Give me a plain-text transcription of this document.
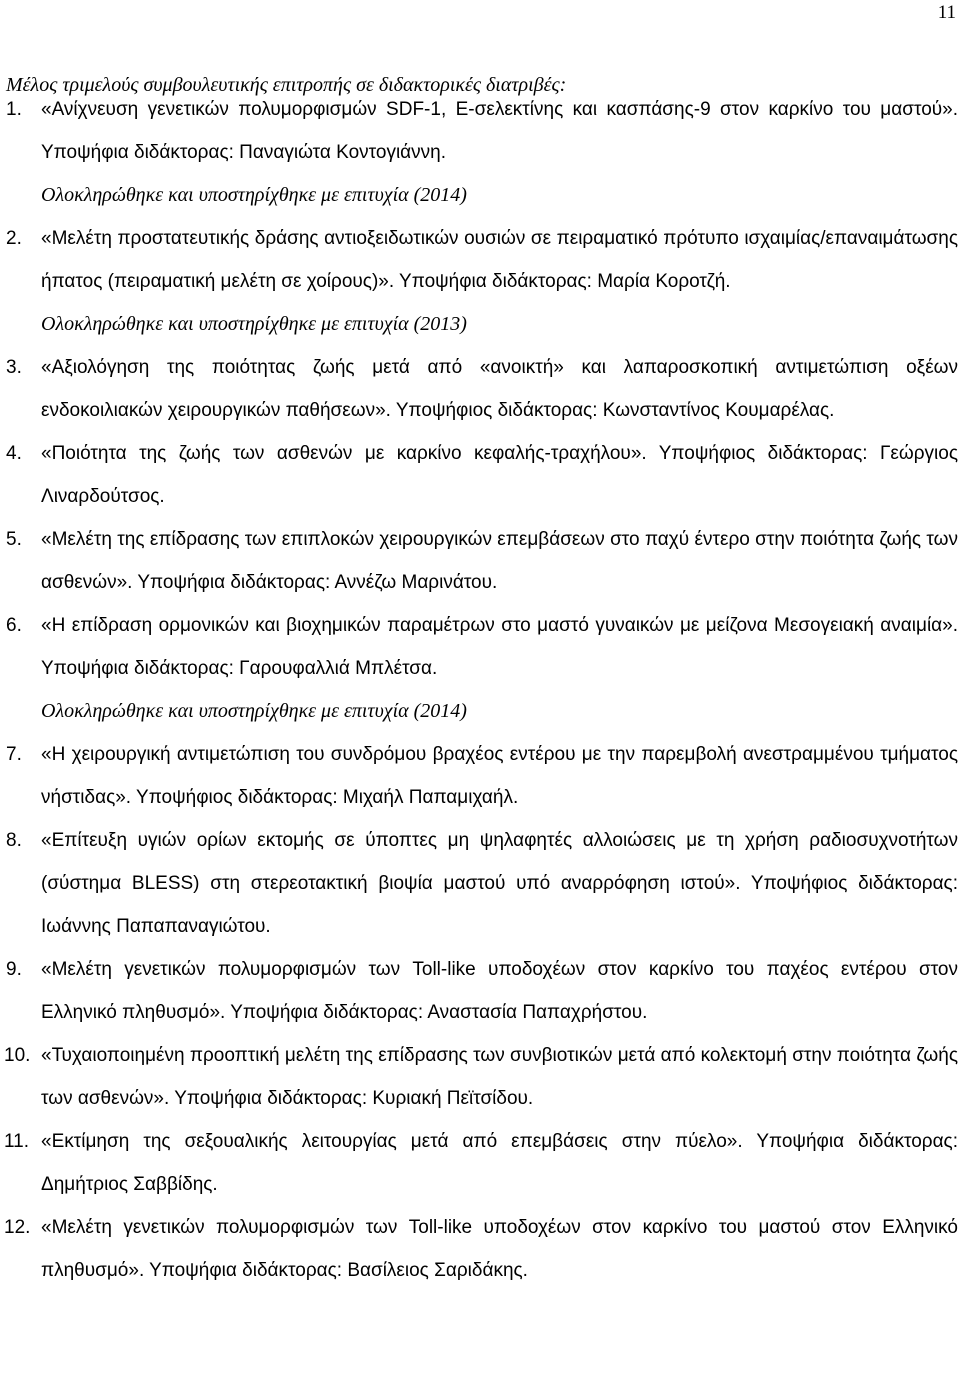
11
Μέλος τριμελούς συμβουλευτικής επιτροπής σε διδακτορικές διατριβές:
1. «Ανίχνευση γενετικών πολυμορφισμών SDF-1, E-σελεκτίνης και κασπάσης-9 στον καρκίνο του μαστού». Υποψήφια διδάκτορας: Παναγιώτα Κοντογιάννη.
Ολοκληρώθηκε και υποστηρίχθηκε με επιτυχία (2014)
2. «Μελέτη προστατευτικής δράσης αντιοξειδωτικών ουσιών σε πειραματικό πρότυπο ισχαιμίας/επαναιμάτωσης ήπατος (πειραματική μελέτη σε χοίρους)». Υποψήφια διδάκτορας: Μαρία Κοροτζή.
Ολοκληρώθηκε και υποστηρίχθηκε με επιτυχία (2013)
3. «Αξιολόγηση της ποιότητας ζωής μετά από «ανοικτή» και λαπαροσκοπική αντιμετώπιση οξέων ενδοκοιλιακών χειρουργικών παθήσεων». Υποψήφιος διδάκτορας: Κωνσταντίνος Κουμαρέλας.
4. «Ποιότητα της ζωής των ασθενών με καρκίνο κεφαλής-τραχήλου». Υποψήφιος διδάκτορας: Γεώργιος Λιναρδούτσος.
5. «Μελέτη της επίδρασης των επιπλοκών χειρουργικών επεμβάσεων στο παχύ έντερο στην ποιότητα ζωής των ασθενών». Υποψήφια διδάκτορας: Αννέζω Μαρινάτου.
6. «Η επίδραση ορμονικών και βιοχημικών παραμέτρων στο μαστό γυναικών με μείζονα Μεσογειακή αναιμία». Υποψήφια διδάκτορας: Γαρουφαλλιά Μπλέτσα.
Ολοκληρώθηκε και υποστηρίχθηκε με επιτυχία (2014)
7. «Η χειρουργική αντιμετώπιση του συνδρόμου βραχέος εντέρου με την παρεμβολή ανεστραμμένου τμήματος νήστιδας». Υποψήφιος διδάκτορας: Μιχαήλ Παπαμιχαήλ.
8. «Επίτευξη υγιών ορίων εκτομής σε ύποπτες μη ψηλαφητές αλλοιώσεις με τη χρήση ραδιοσυχνοτήτων (σύστημα BLESS) στη στερεοτακτική βιοψία μαστού υπό αναρρόφηση ιστού». Υποψήφιος διδάκτορας: Ιωάννης Παπαπαναγιώτου.
9. «Μελέτη γενετικών πολυμορφισμών των Toll-like υποδοχέων στον καρκίνο του παχέος εντέρου στον Ελληνικό πληθυσμό». Υποψήφια διδάκτορας: Αναστασία Παπαχρήστου.
10. «Τυχαιοποιημένη προοπτική μελέτη της επίδρασης των συνβιοτικών μετά από κολεκτομή στην ποιότητα ζωής των ασθενών». Υποψήφια διδάκτορας: Κυριακή Πεϊτσίδου.
11. «Εκτίμηση της σεξουαλικής λειτουργίας μετά από επεμβάσεις στην πύελο». Υποψήφια διδάκτορας: Δημήτριος Σαββίδης.
12. «Μελέτη γενετικών πολυμορφισμών των Toll-like υποδοχέων στον καρκίνο του μαστού στον Ελληνικό πληθυσμό». Υποψήφια διδάκτορας: Βασίλειος Σαριδάκης.
